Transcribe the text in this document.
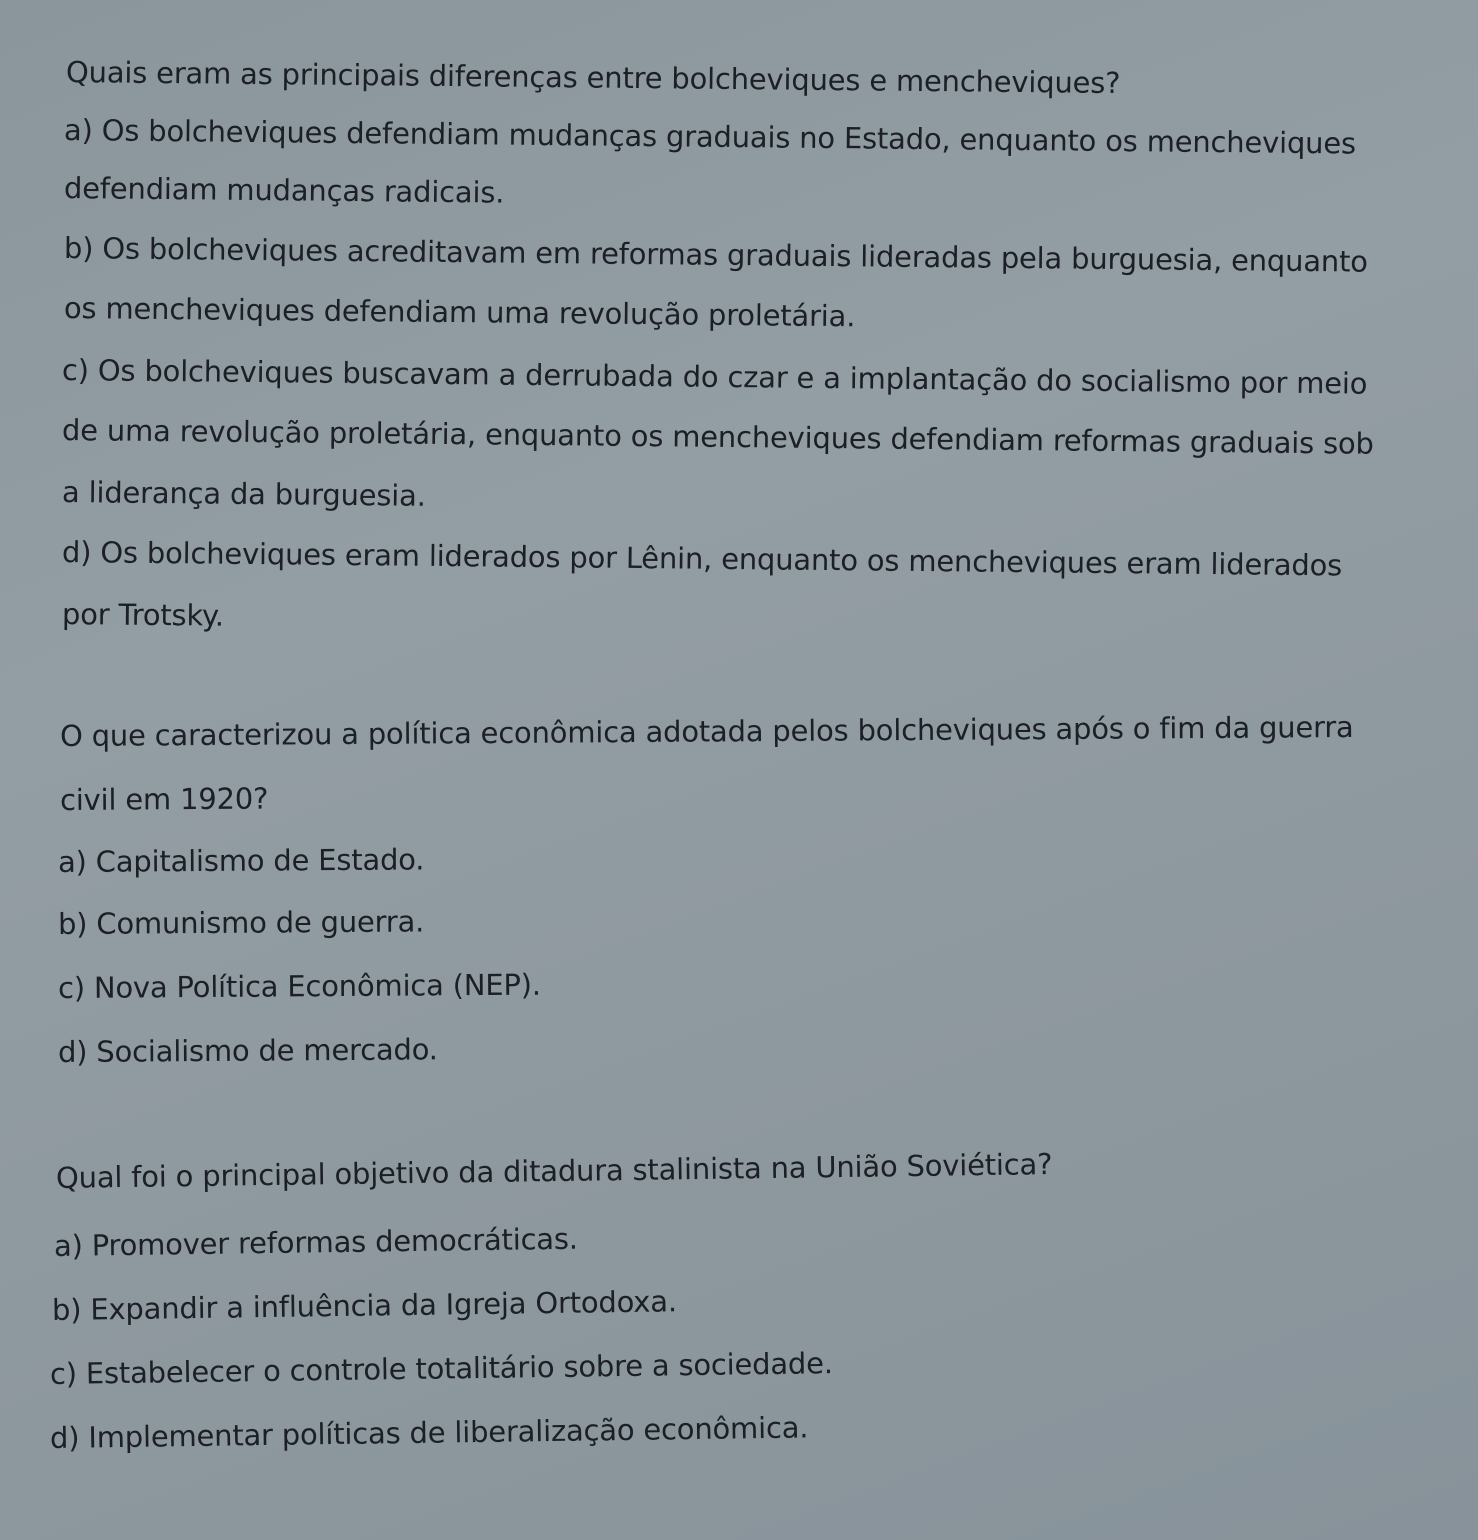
Quais eram as principais diferenças entre bolcheviques e mencheviques?
a) Os bolcheviques defendiam mudanças graduais no Estado, enquanto os mencheviques
defendiam mudanças radicais.
b) Os bolcheviques acreditavam em reformas graduais lideradas pela burguesia, enquanto
os mencheviques defendiam uma revolução proletária.
c) Os bolcheviques buscavam a derrubada do czar e a implantação do socialismo por meio
de uma revolução proletária, enquanto os mencheviques defendiam reformas graduais sob
a liderança da burguesia.
d) Os bolcheviques eram liderados por Lênin, enquanto os mencheviques eram liderados
por Trotsky.
O que caracterizou a política econômica adotada pelos bolcheviques após o fim da guerra
civil em 1920?
a) Capitalismo de Estado.
b) Comunismo de guerra.
c) Nova Política Econômica (NEP).
d) Socialismo de mercado.
Qual foi o principal objetivo da ditadura stalinista na União Soviética?
a) Promover reformas democráticas.
b) Expandir a influência da Igreja Ortodoxa.
c) Estabelecer o controle totalitário sobre a sociedade.
d) Implementar políticas de liberalização econômica.
